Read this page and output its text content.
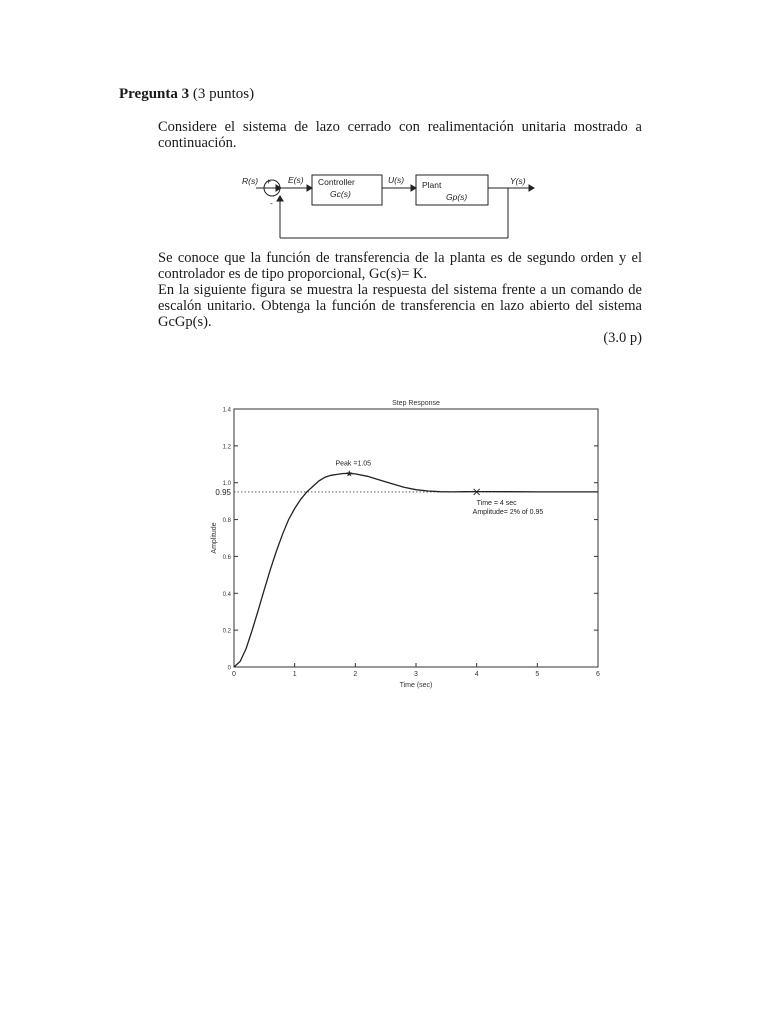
Pregunta 3 (3 puntos)
Considere el sistema de lazo cerrado con realimentación unitaria mostrado a continuación.
R(s) +
-
E(s) Controller
Gc(s)
U(s) Plant
Gp(s)
Y(s)
Se conoce que la función de transferencia de la planta es de segundo orden y el controlador es de tipo proporcional, Gc(s)= K.
En la siguiente figura se muestra la respuesta del sistema frente a un comando de escalón unitario. Obtenga la función de transferencia en lazo abierto del sistema GcGp(s).
(3.0 p)
Step Response
0	1	2	3	4	5	6
0
0.2
0.4
0.6
0.8
1.0
1.2
1.4
Time (sec)
Amplitude
0.95
★
Peak =1.05
Time = 4 sec
Amplitude= 2% of 0.95
